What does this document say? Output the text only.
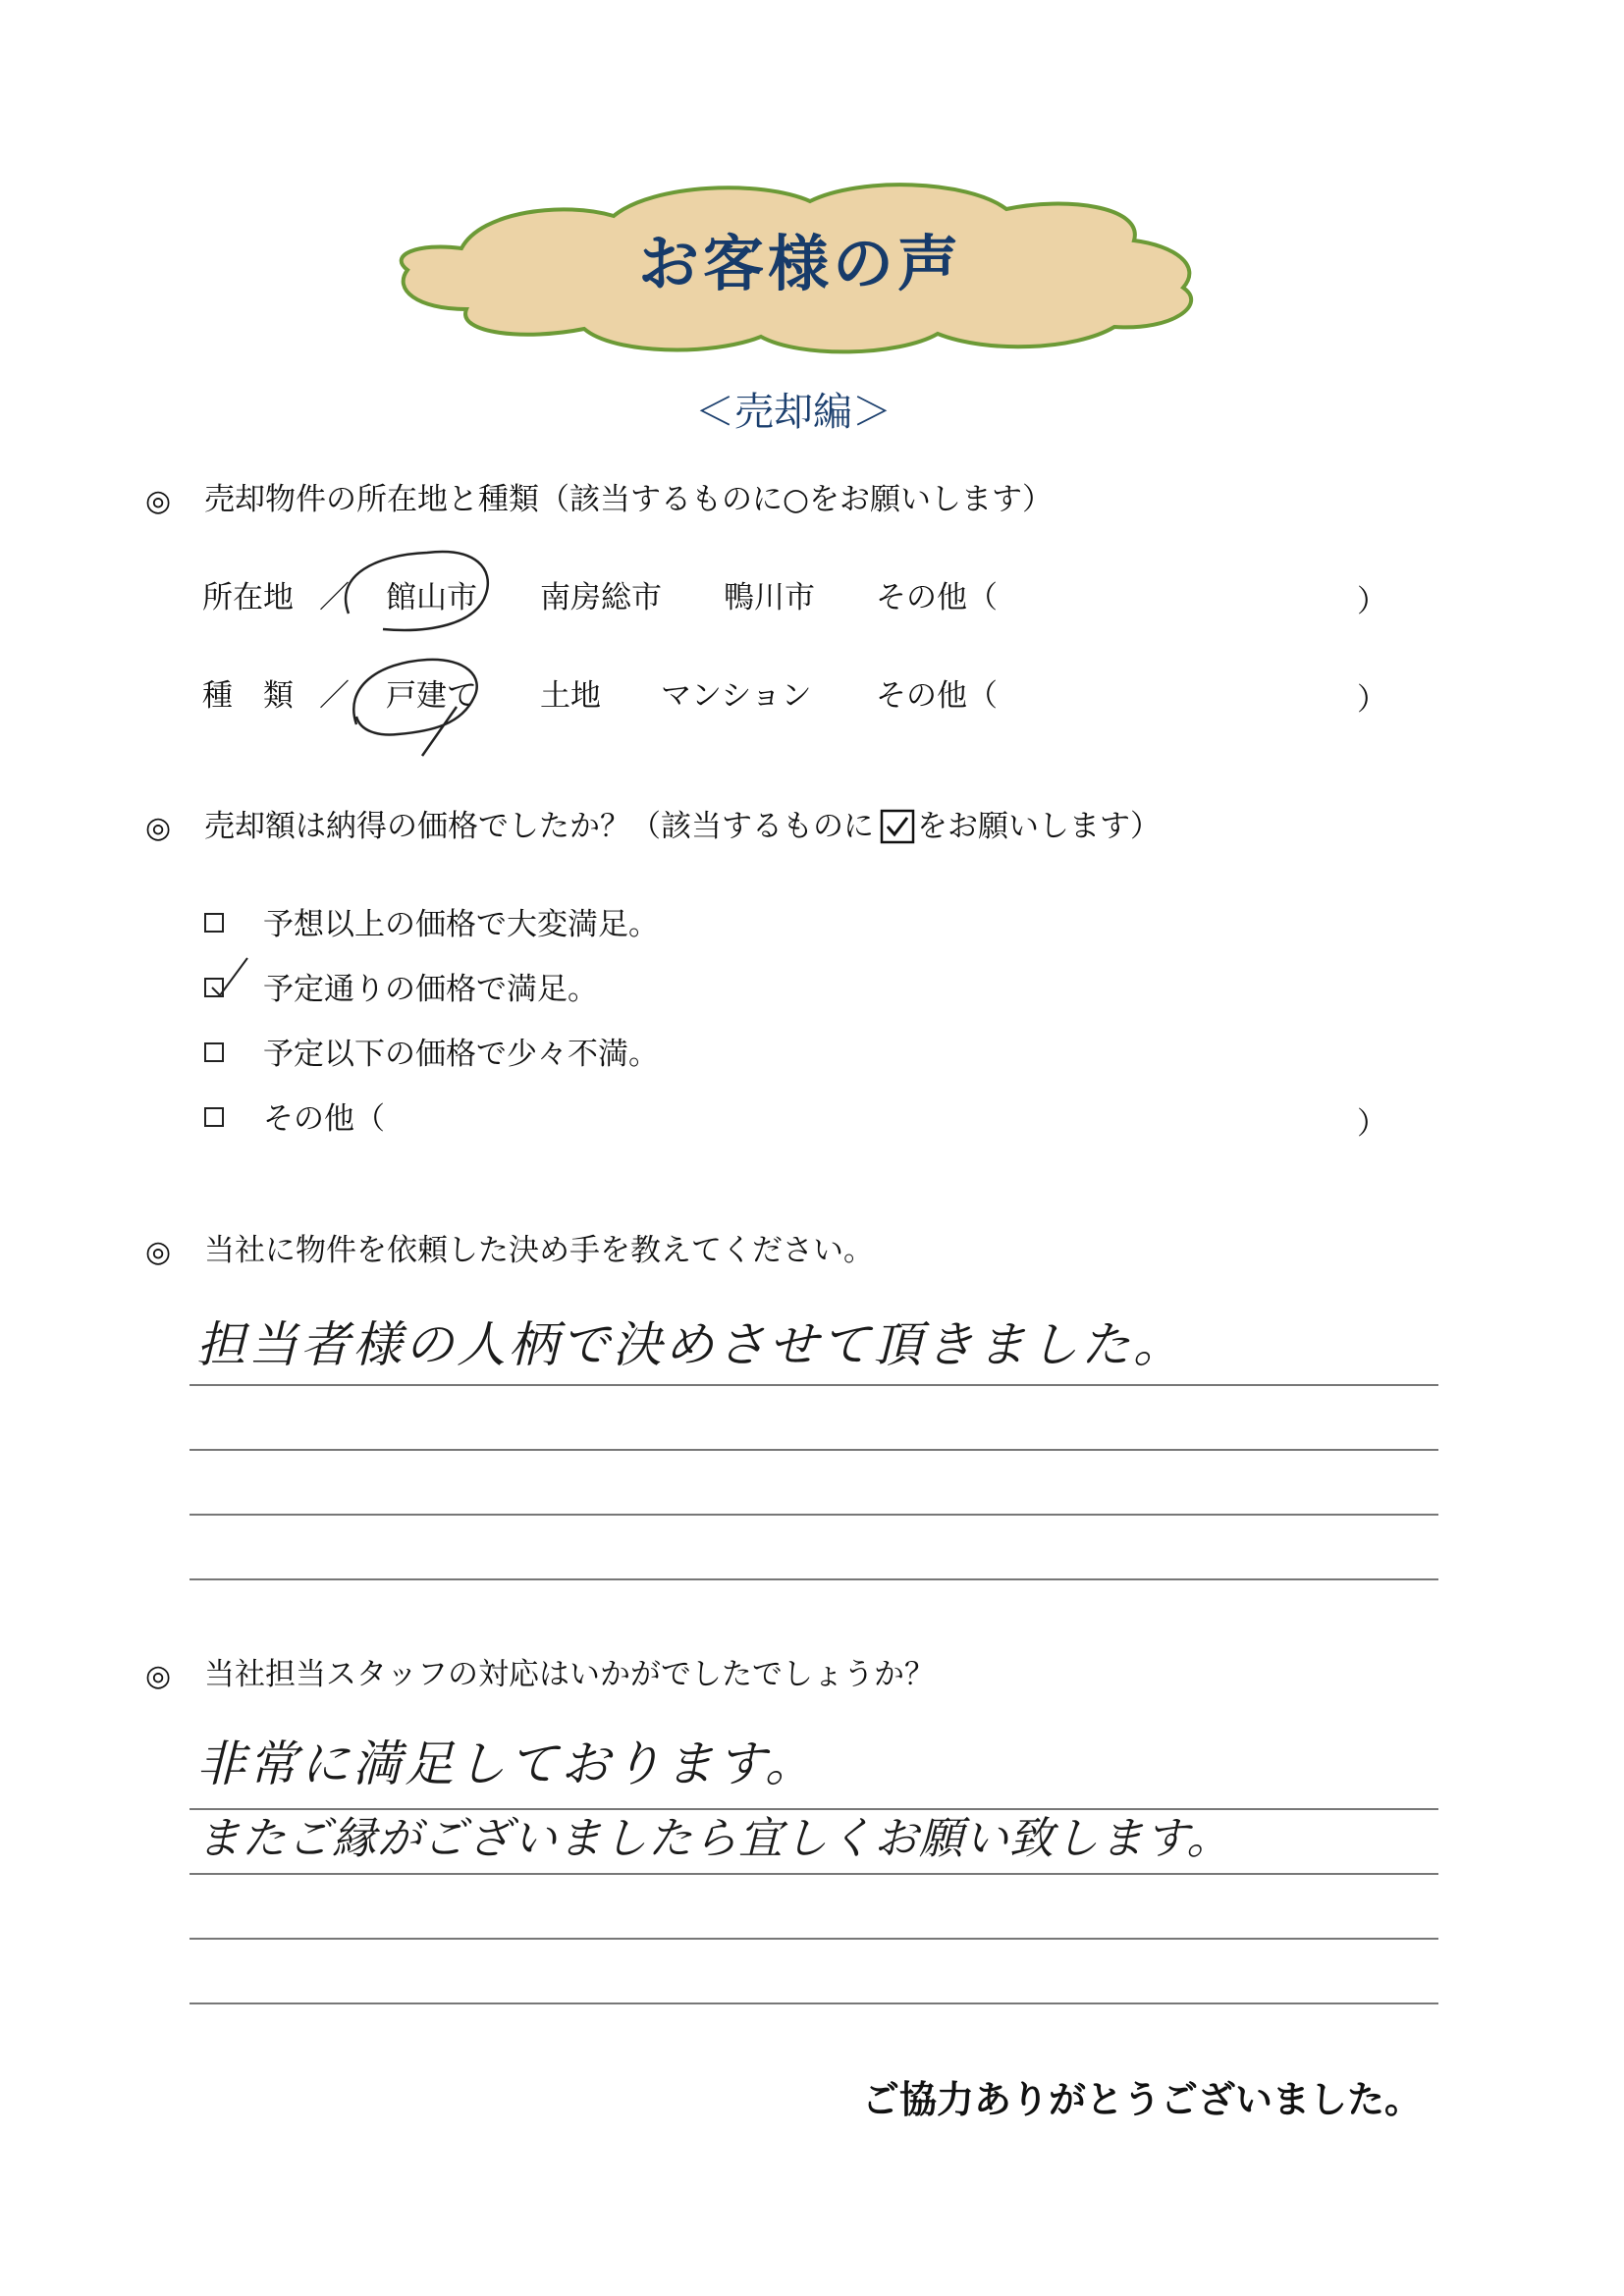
お客様の声
＜売却編＞
◎ 売却物件の所在地と種類（該当するものに○をお願いします）
所在地 ／ 館山市 南房総市 鴨川市 その他（	）
種　類 ／ 戸建て 土地 マンション その他（	）
◎ 売却額は納得の価格でしたか？（該当するものに をお願いします）
予想以上の価格で大変満足。
予定通りの価格で満足。
予定以下の価格で少々不満。
その他（	）
◎ 当社に物件を依頼した決め手を教えてください。
担当者様の人柄で決めさせて頂きました。
◎ 当社担当スタッフの対応はいかがでしたでしょうか？
非常に満足しております。
またご縁がございましたら宜しくお願い致します。
ご協力ありがとうございました。
